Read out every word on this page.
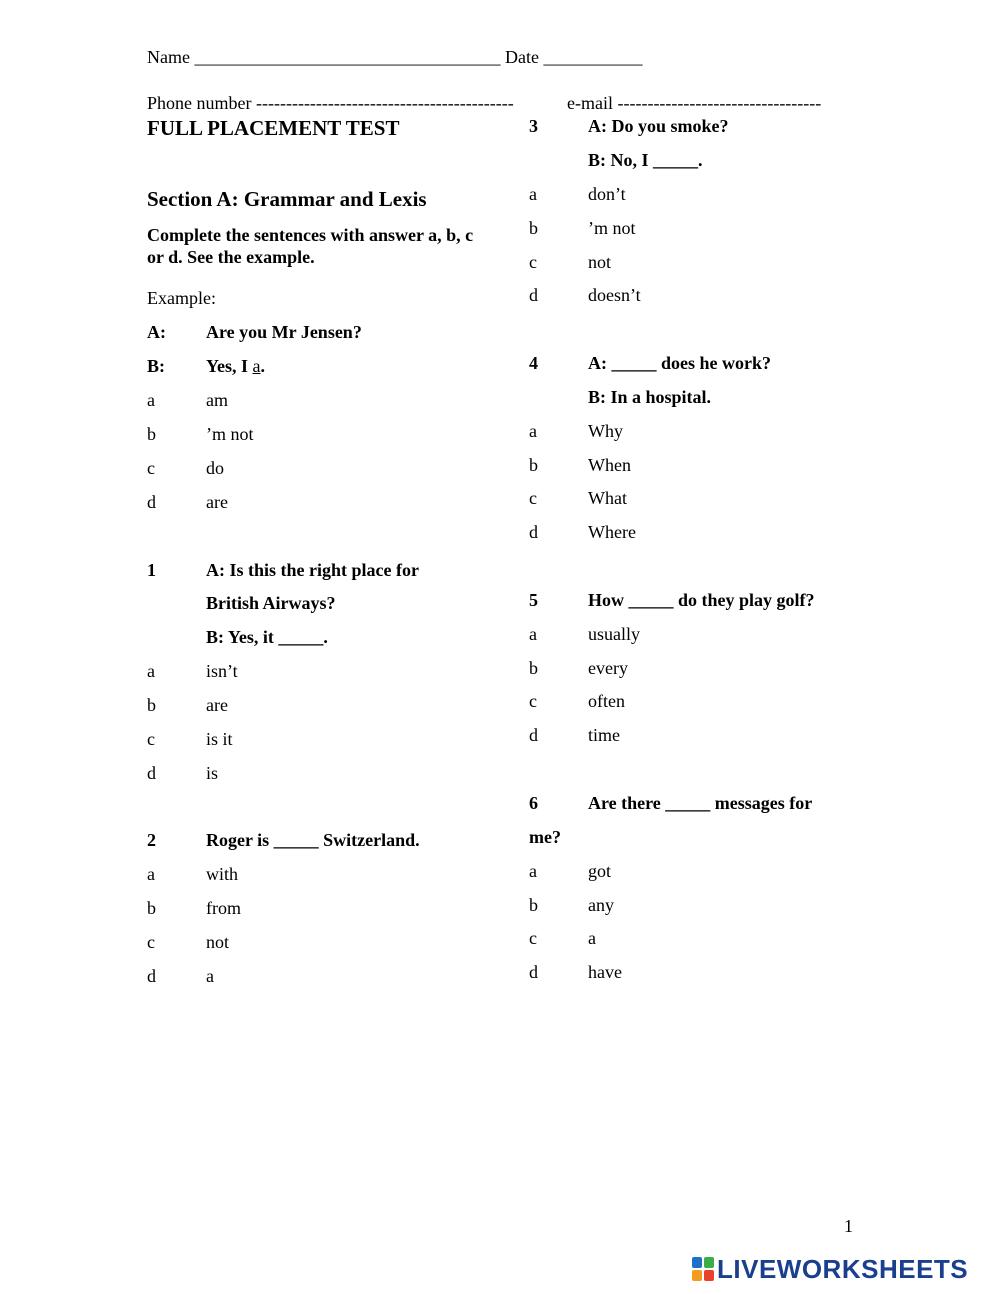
Name __________________________________ Date ___________
Phone number -------------------------------------------	e-mail ----------------------------------
FULL PLACEMENT TEST
Section A: Grammar and Lexis
Complete the sentences with answer a, b, c or d. See the example.
Example:
A: Are you Mr Jensen?
B: Yes, I a.
a	am
b	’m not
c	do
d	are
1	A: Is this the right place for
British Airways?
B: Yes, it _____.
a	isn’t
b	are
c	is it
d	is
2	Roger is _____ Switzerland.
a	with
b	from
c	not
d	a
3	A: Do you smoke?
B: No, I _____.
a	don’t
b	’m not
c	not
d	doesn’t
4	A: _____ does he work?
B: In a hospital.
a	Why
b	When
c	What
d	Where
5	How _____ do they play golf?
a	usually
b	every
c	often
d	time
6	Are there _____ messages for
me?
a	got
b	any
c	a
d	have
1
LIVEWORKSHEETS
